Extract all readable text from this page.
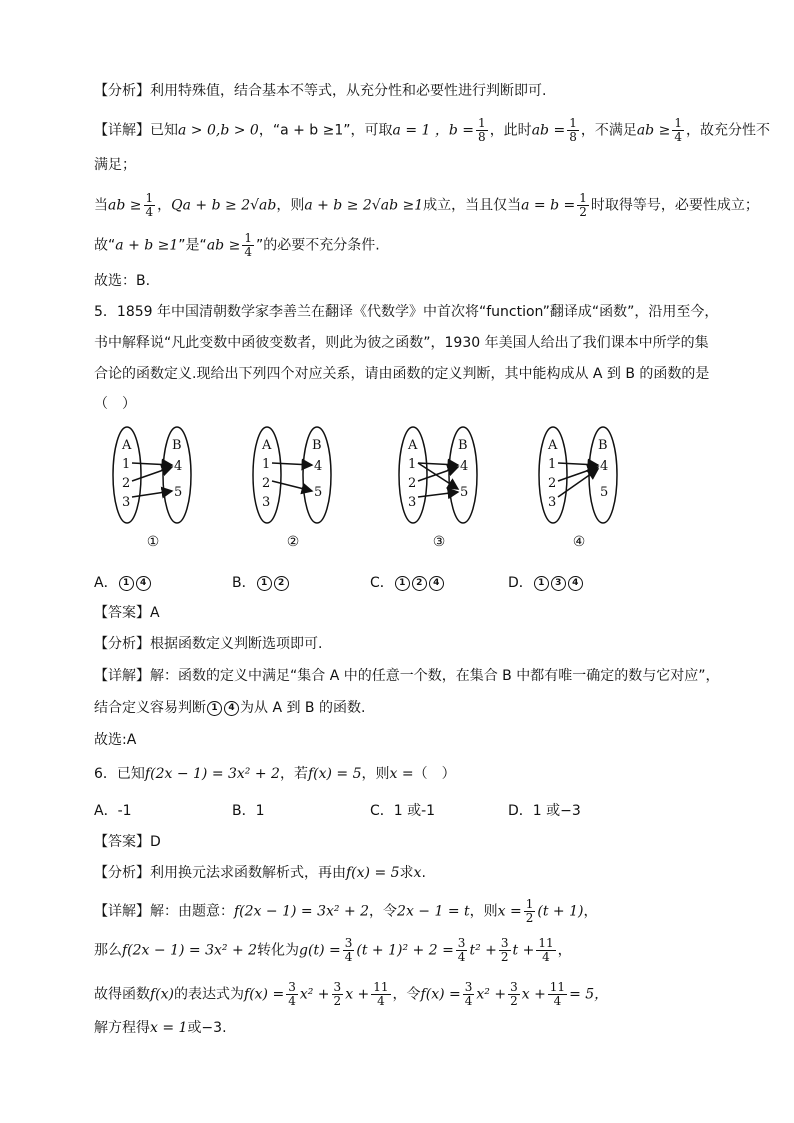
【分析】利用特殊值，结合基本不等式，从充分性和必要性进行判断即可.
【详解】已知a > 0,b > 0，“a + b ≥1”，可取a = 1 ，$b = \frac{1}{8}$ ，此时ab = $\frac{1}{8}$ ，不满足ab ≥ $\frac{1}{4}$ ，故充分性不
满足；
当ab ≥ $\frac{1}{4}$ ，Qa + b ≥ 2√ab，则a + b ≥ 2√ab ≥1成立，当且仅当$a = b = \frac{1}{2}$ 时取得等号，必要性成立；
故“a + b ≥1”是“ab ≥ $\frac{1}{4}$ ”的必要不充分条件.
故选：B.
5．1859 年中国清朝数学家李善兰在翻译《代数学》中首次将“function”翻译成“函数”，沿用至今，
书中解释说“凡此变数中函彼变数者，则此为彼之函数”，1930 年美国人给出了我们课本中所学的集
合论的函数定义.现给出下列四个对应关系，请由函数的定义判断，其中能构成从 A 到 B 的函数的是
（　）
A	B
1
2
3
4
5
A	B
1
2
3
4
5
A	B
1
2
3
4
5
A	B
1
2
3
4
5
①	②	③	④
A． 1 4	B． 1 2	C． 1 2 4	D． 1 3 4
【答案】A
【分析】根据函数定义判断选项即可.
【详解】解：函数的定义中满足“集合 A 中的任意一个数，在集合 B 中都有唯一确定的数与它对应”，
结合定义容易判断 1 4 为从 A 到 B 的函数.
故选:A
6．已知f(2x − 1) = 3x² + 2，若f(x) = 5，则x =（　）
A．-1	B．1	C．1 或-1	D．1 或−3
【答案】D
【分析】利用换元法求函数解析式，再由f(x) = 5求x.
【详解】解：由题意：f(2x − 1) = 3x² + 2，令2x − 1 = t，则$x = \frac{1}{2} (t + 1)$，
那么f(2x − 1) = 3x² + 2转化为$g(t) = \frac{3}{4} (t + 1)^2 + 2 = \frac{3}{4} t^2 + \frac{3}{2}$ $t + \frac{11}{4}$ ，
故得函数f(x)的表达式为$f(x) = \frac{3}{4} x^2 + \frac{3}{2}$ $x + \frac{11}{4}$ ，令$f(x) = \frac{3}{4} x^2 + \frac{3}{2}$ $x + \frac{11}{4} = 5$，
解方程得x = 1或−3.
